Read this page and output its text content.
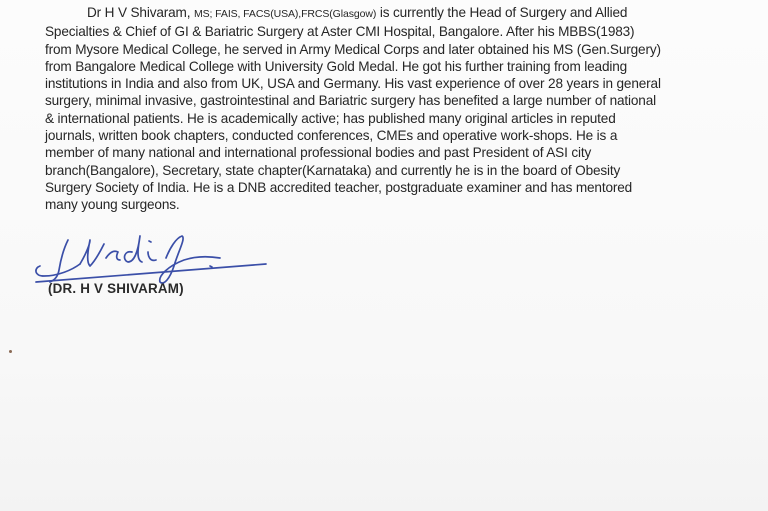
Dr H V Shivaram, MS; FAIS, FACS(USA),FRCS(Glasgow) is currently the Head of Surgery and Allied
Specialties & Chief of GI & Bariatric Surgery at Aster CMI Hospital, Bangalore. After his MBBS(1983)
from Mysore Medical College, he served in Army Medical Corps and later obtained his MS (Gen.Surgery)
from Bangalore Medical College with University Gold Medal. He got his further training from leading
institutions in India and also from UK, USA and Germany. His vast experience of over 28 years in general
surgery, minimal invasive, gastrointestinal and Bariatric surgery has benefited a large number of national
& international patients. He is academically active; has published many original articles in reputed
journals, written book chapters, conducted conferences, CMEs and operative work-shops. He is a
member of many national and international professional bodies and past President of ASI city
branch(Bangalore), Secretary, state chapter(Karnataka) and currently he is in the board of Obesity
Surgery Society of India. He is a DNB accredited teacher, postgraduate examiner and has mentored
many young surgeons.
(DR. H V SHIVARAM)
